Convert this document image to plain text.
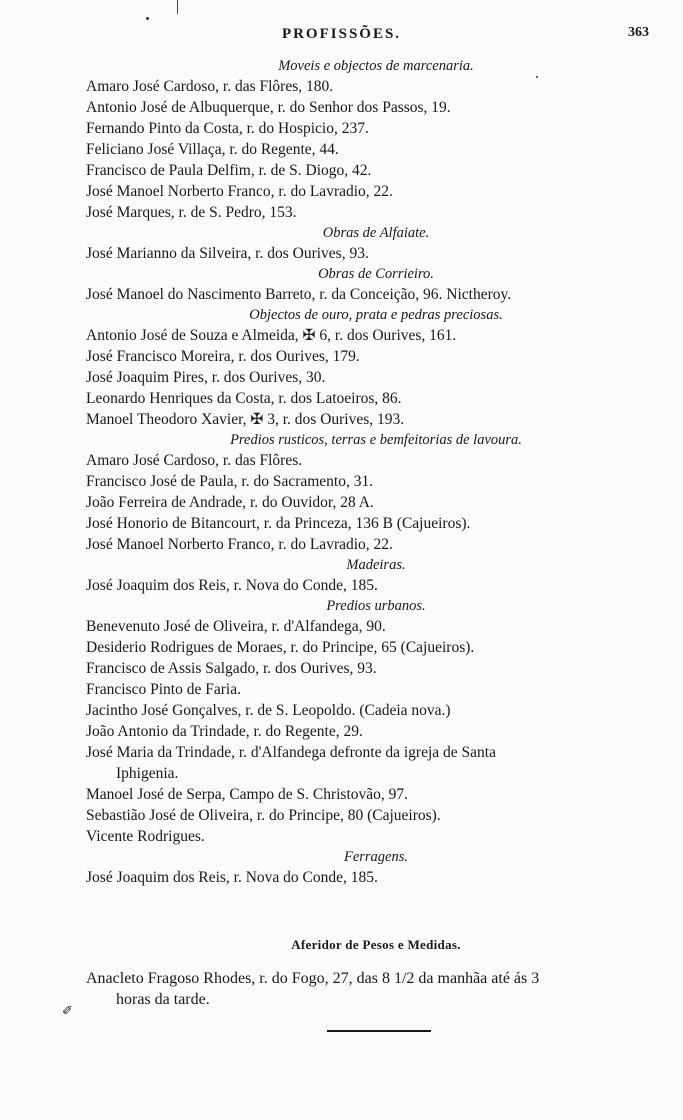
PROFISSÕES.	363
Moveis e objectos de marcenaria.
Amaro José Cardoso, r. das Flôres, 180.
Antonio José de Albuquerque, r. do Senhor dos Passos, 19.
Fernando Pinto da Costa, r. do Hospicio, 237.
Feliciano José Villaça, r. do Regente, 44.
Francisco de Paula Delfim, r. de S. Diogo, 42.
José Manoel Norberto Franco, r. do Lavradio, 22.
José Marques, r. de S. Pedro, 153.
Obras de Alfaiate.
José Marianno da Silveira, r. dos Ourives, 93.
Obras de Corrieiro.
José Manoel do Nascimento Barreto, r. da Conceição, 96. Nictheroy.
Objectos de ouro, prata e pedras preciosas.
Antonio José de Souza e Almeida, ✠ 6, r. dos Ourives, 161.
José Francisco Moreira, r. dos Ourives, 179.
José Joaquim Pires, r. dos Ourives, 30.
Leonardo Henriques da Costa, r. dos Latoeiros, 86.
Manoel Theodoro Xavier, ✠ 3, r. dos Ourives, 193.
Predios rusticos, terras e bemfeitorias de lavoura.
Amaro José Cardoso, r. das Flôres.
Francisco José de Paula, r. do Sacramento, 31.
João Ferreira de Andrade, r. do Ouvidor, 28 A.
José Honorio de Bitancourt, r. da Princeza, 136 B (Cajueiros).
José Manoel Norberto Franco, r. do Lavradio, 22.
Madeiras.
José Joaquim dos Reis, r. Nova do Conde, 185.
Predios urbanos.
Benevenuto José de Oliveira, r. d'Alfandega, 90.
Desiderio Rodrigues de Moraes, r. do Principe, 65 (Cajueiros).
Francisco de Assis Salgado, r. dos Ourives, 93.
Francisco Pinto de Faria.
Jacintho José Gonçalves, r. de S. Leopoldo. (Cadeia nova.)
João Antonio da Trindade, r. do Regente, 29.
José Maria da Trindade, r. d'Alfandega defronte da igreja de Santa
Iphigenia.
Manoel José de Serpa, Campo de S. Christovão, 97.
Sebastião José de Oliveira, r. do Principe, 80 (Cajueiros).
Vicente Rodrigues.
Ferragens.
José Joaquim dos Reis, r. Nova do Conde, 185.
Aferidor de Pesos e Medidas.
Anacleto Fragoso Rhodes, r. do Fogo, 27, das 8 1/2 da manhãa até ás 3
horas da tarde.
✐
